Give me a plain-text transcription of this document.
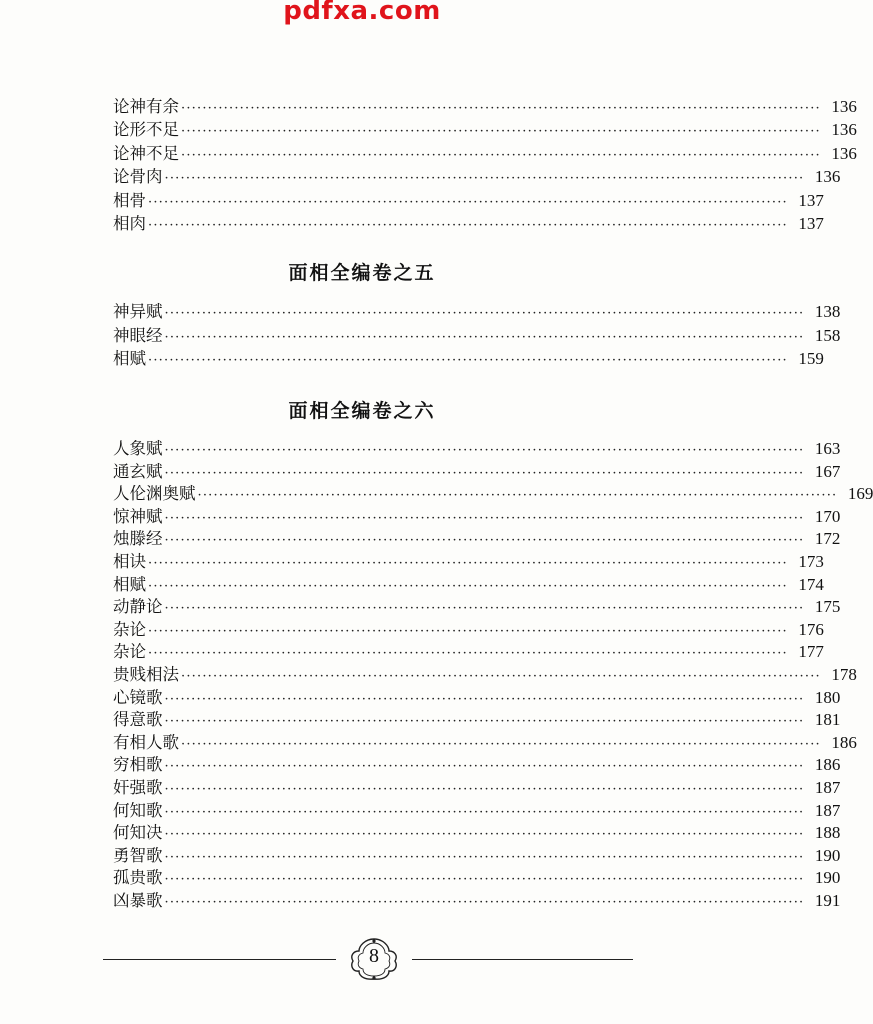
pdfxa.com
论神有余 ························································································································ 136
论形不足 ························································································································ 136
论神不足 ························································································································ 136
论骨肉 ························································································································ 136
相骨 ························································································································ 137
相肉 ························································································································ 137
面相全编卷之五
神异赋 ························································································································ 138
神眼经 ························································································································ 158
相赋 ························································································································ 159
面相全编卷之六
人象赋 ························································································································ 163
通玄赋 ························································································································ 167
人伦渊奥赋 ························································································································ 169
惊神赋 ························································································································ 170
烛滕经 ························································································································ 172
相诀 ························································································································ 173
相赋 ························································································································ 174
动静论 ························································································································ 175
杂论 ························································································································ 176
杂论 ························································································································ 177
贵贱相法 ························································································································ 178
心镜歌 ························································································································ 180
得意歌 ························································································································ 181
有相人歌 ························································································································ 186
穷相歌 ························································································································ 186
奸强歌 ························································································································ 187
何知歌 ························································································································ 187
何知决 ························································································································ 188
勇智歌 ························································································································ 190
孤贵歌 ························································································································ 190
凶暴歌 ························································································································ 191
8
